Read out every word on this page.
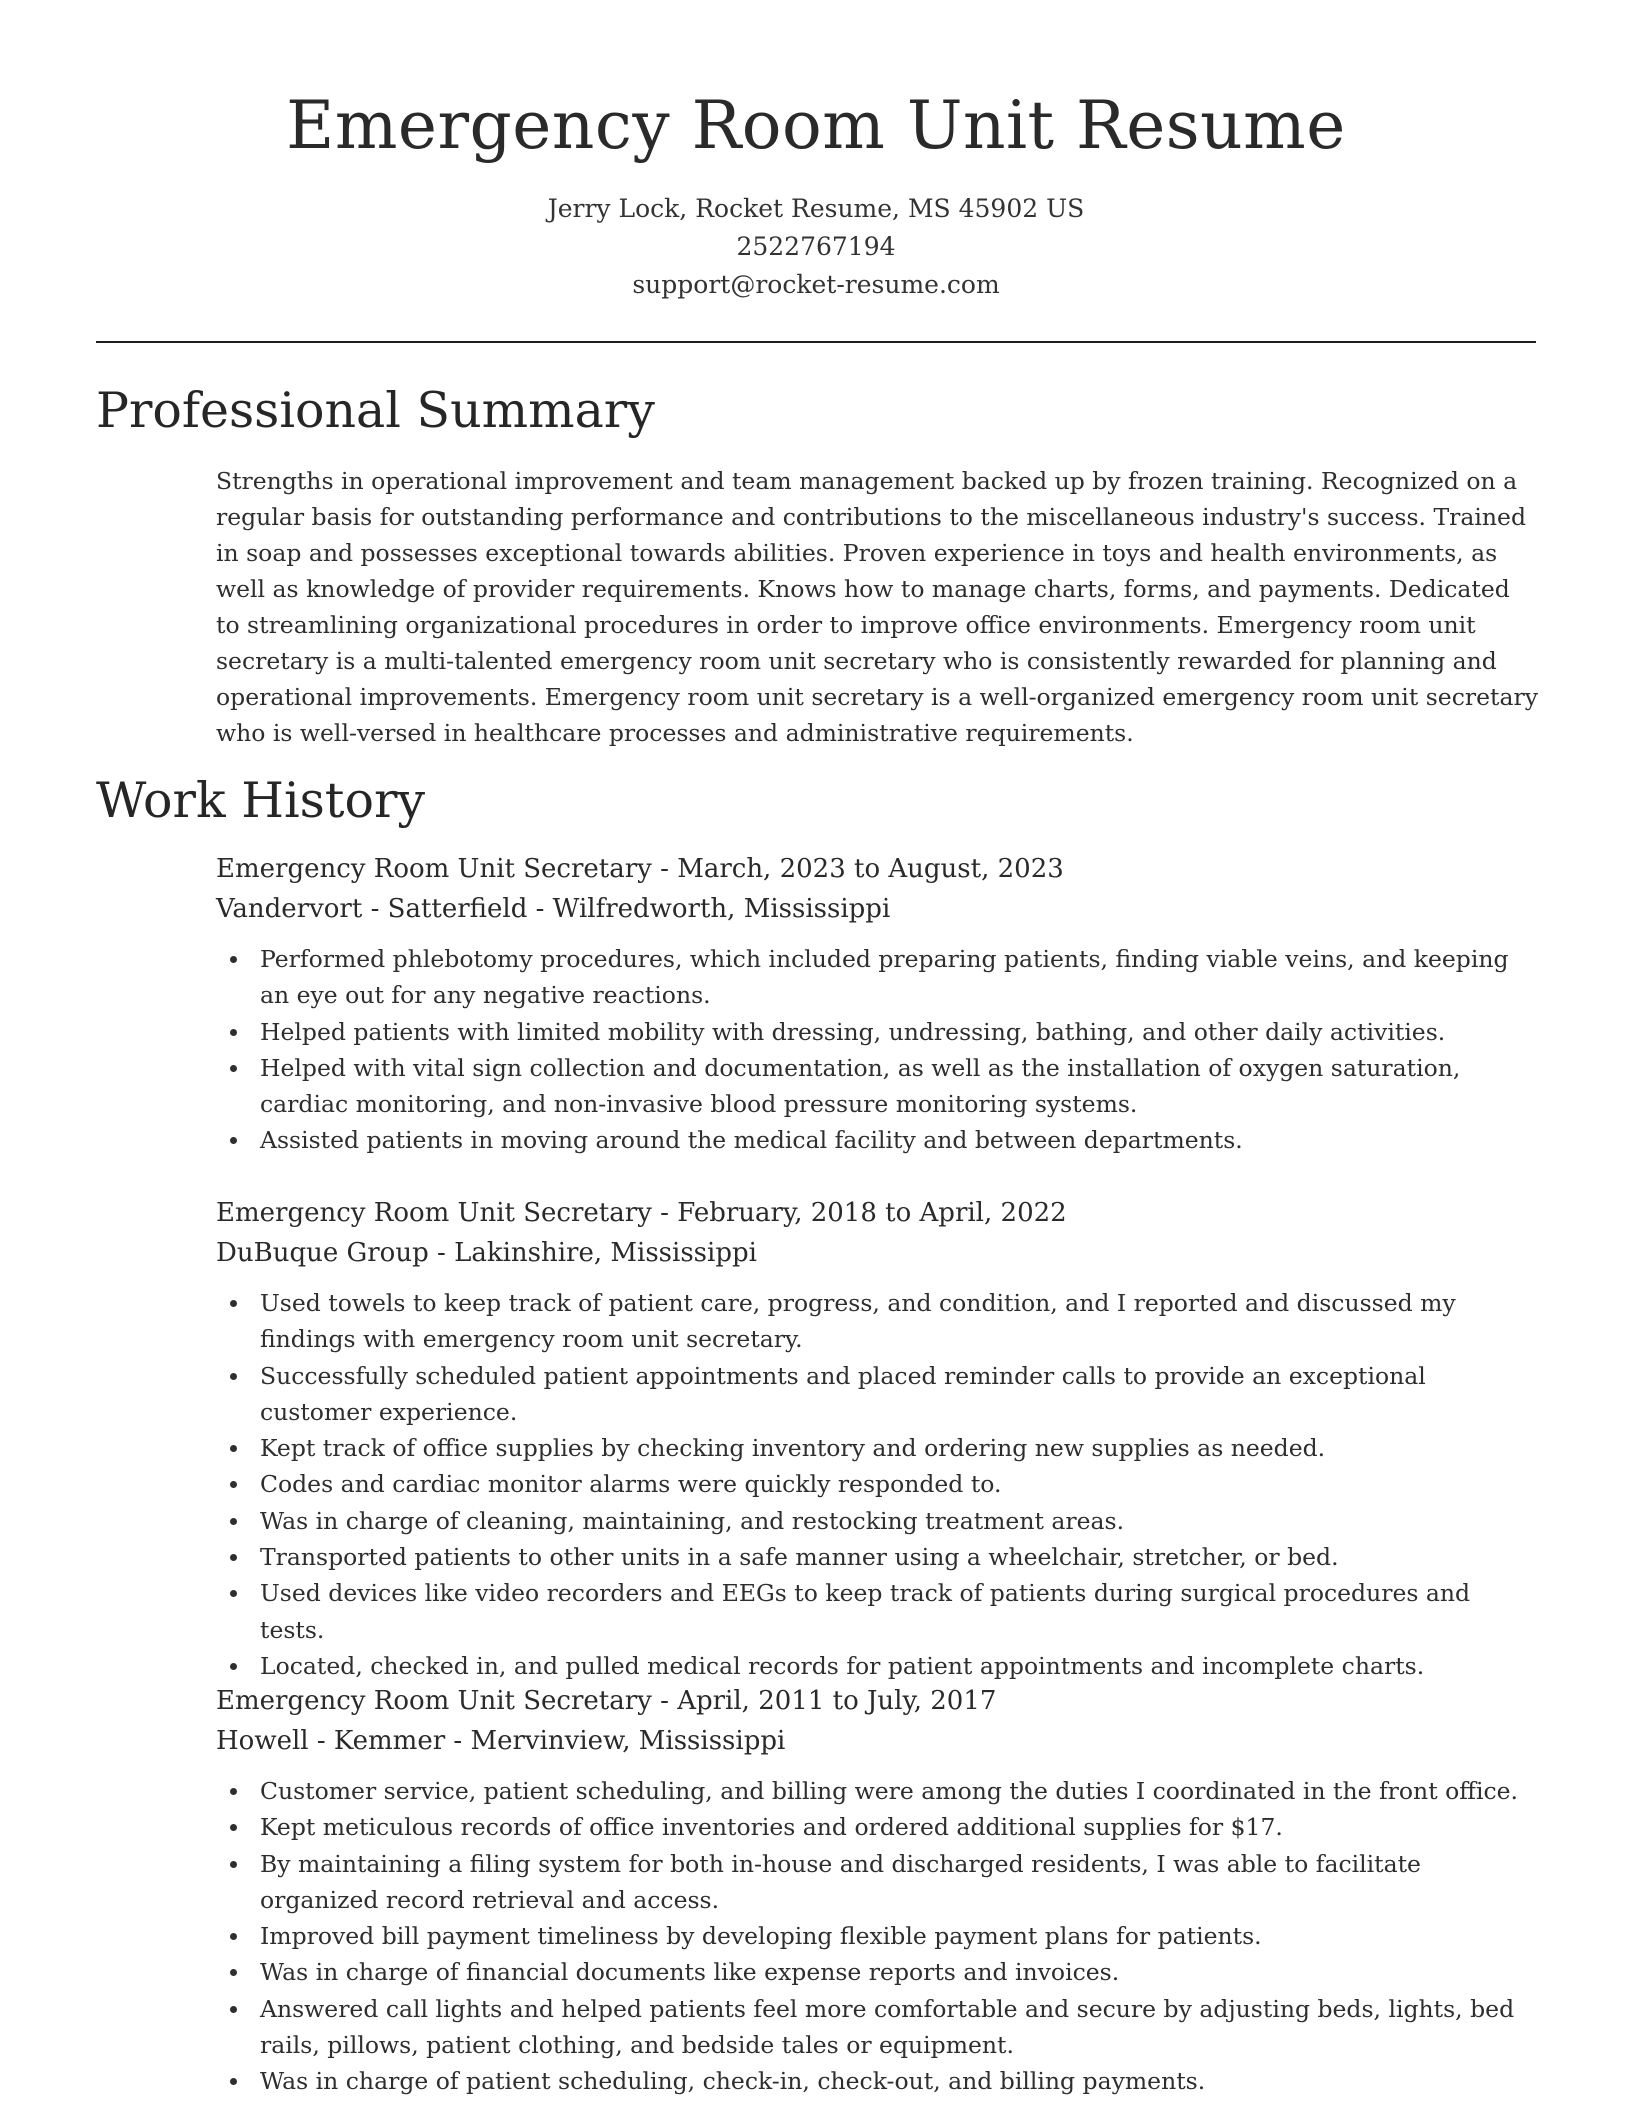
Emergency Room Unit Resume
Jerry Lock, Rocket Resume, MS 45902 US
2522767194
support@rocket-resume.com
Professional Summary

Strengths in operational improvement and team management backed up by frozen training. Recognized on a regular basis for outstanding performance and contributions to the miscellaneous industry's success. Trained in soap and possesses exceptional towards abilities. Proven experience in toys and health environments, as well as knowledge of provider requirements. Knows how to manage charts, forms, and payments. Dedicated to streamlining organizational procedures in order to improve office environments. Emergency room unit secretary is a multi-talented emergency room unit secretary who is consistently rewarded for planning and operational improvements. Emergency room unit secretary is a well-organized emergency room unit secretary who is well-versed in healthcare processes and administrative requirements.

Work History
Emergency Room Unit Secretary - March, 2023 to August, 2023
Vandervort - Satterfield - Wilfredworth, Mississippi
Performed phlebotomy procedures, which included preparing patients, finding viable veins, and keeping an eye out for any negative reactions.
Helped patients with limited mobility with dressing, undressing, bathing, and other daily activities.
Helped with vital sign collection and documentation, as well as the installation of oxygen saturation, cardiac monitoring, and non-invasive blood pressure monitoring systems.
Assisted patients in moving around the medical facility and between departments.
Emergency Room Unit Secretary - February, 2018 to April, 2022
DuBuque Group - Lakinshire, Mississippi
Used towels to keep track of patient care, progress, and condition, and I reported and discussed my findings with emergency room unit secretary.
Successfully scheduled patient appointments and placed reminder calls to provide an exceptional customer experience.
Kept track of office supplies by checking inventory and ordering new supplies as needed.
Codes and cardiac monitor alarms were quickly responded to.
Was in charge of cleaning, maintaining, and restocking treatment areas.
Transported patients to other units in a safe manner using a wheelchair, stretcher, or bed.
Used devices like video recorders and EEGs to keep track of patients during surgical procedures and tests.
Located, checked in, and pulled medical records for patient appointments and incomplete charts.
Emergency Room Unit Secretary - April, 2011 to July, 2017
Howell - Kemmer - Mervinview, Mississippi
Customer service, patient scheduling, and billing were among the duties I coordinated in the front office.
Kept meticulous records of office inventories and ordered additional supplies for $17.
By maintaining a filing system for both in-house and discharged residents, I was able to facilitate organized record retrieval and access.
Improved bill payment timeliness by developing flexible payment plans for patients.
Was in charge of financial documents like expense reports and invoices.
Answered call lights and helped patients feel more comfortable and secure by adjusting beds, lights, bed rails, pillows, patient clothing, and bedside tales or equipment.
Was in charge of patient scheduling, check-in, check-out, and billing payments.
